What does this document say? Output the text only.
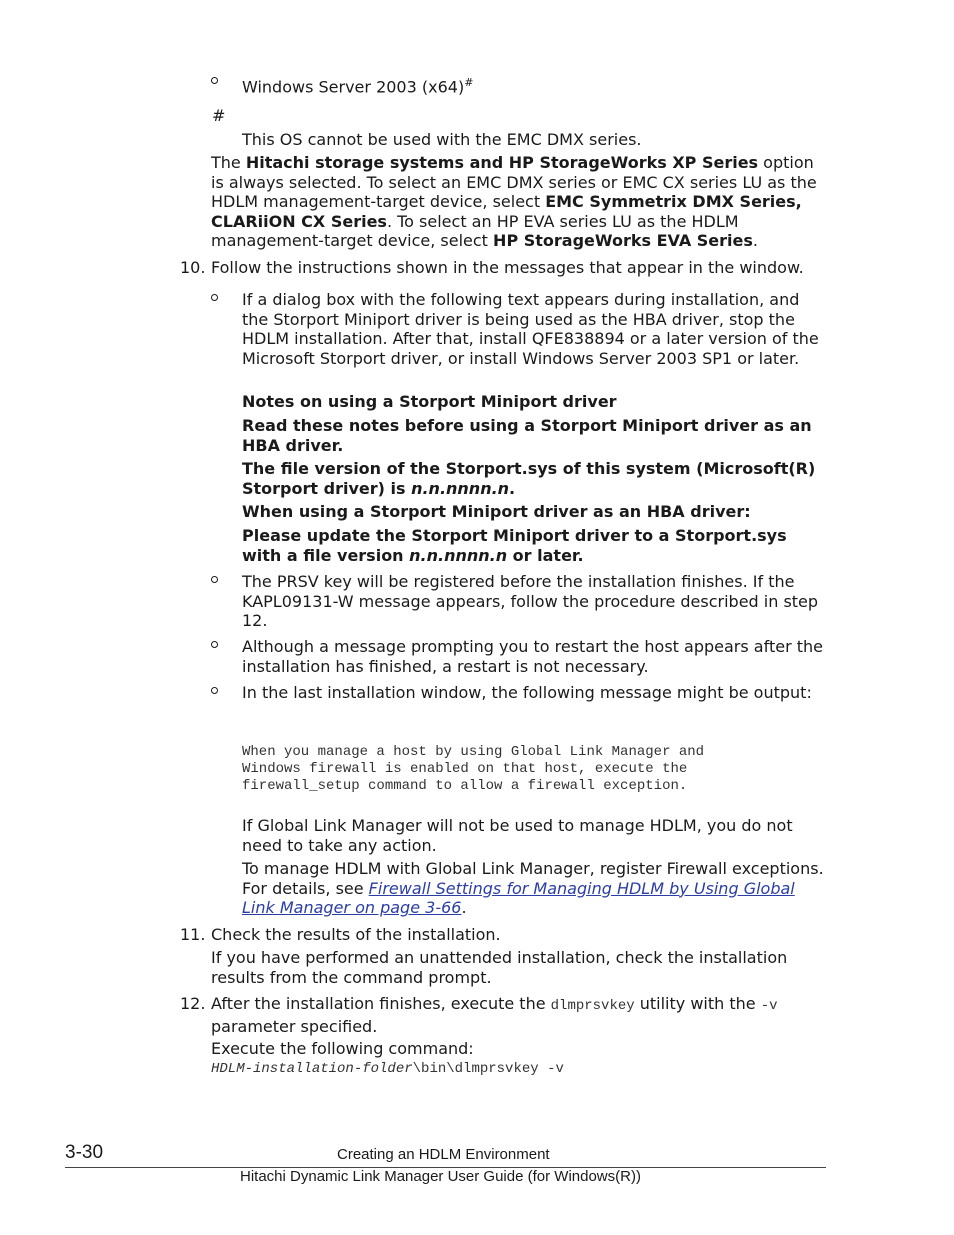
Windows Server 2003 (x64)#
#
This OS cannot be used with the EMC DMX series.
The Hitachi storage systems and HP StorageWorks XP Series option is always selected. To select an EMC DMX series or EMC CX series LU as the HDLM management-target device, select EMC Symmetrix DMX Series, CLARiiON CX Series. To select an HP EVA series LU as the HDLM management-target device, select HP StorageWorks EVA Series.
10. Follow the instructions shown in the messages that appear in the window.
If a dialog box with the following text appears during installation, and the Storport Miniport driver is being used as the HBA driver, stop the HDLM installation. After that, install QFE838894 or a later version of the Microsoft Storport driver, or install Windows Server 2003 SP1 or later.
Notes on using a Storport Miniport driver
Read these notes before using a Storport Miniport driver as an HBA driver.
The file version of the Storport.sys of this system (Microsoft(R) Storport driver) is n.n.nnnn.n.
When using a Storport Miniport driver as an HBA driver:
Please update the Storport Miniport driver to a Storport.sys with a file version n.n.nnnn.n or later.
The PRSV key will be registered before the installation finishes. If the KAPL09131-W message appears, follow the procedure described in step 12.
Although a message prompting you to restart the host appears after the installation has finished, a restart is not necessary.
In the last installation window, the following message might be output:
When you manage a host by using Global Link Manager and
Windows firewall is enabled on that host, execute the
firewall_setup command to allow a firewall exception.
If Global Link Manager will not be used to manage HDLM, you do not need to take any action.
To manage HDLM with Global Link Manager, register Firewall exceptions. For details, see Firewall Settings for Managing HDLM by Using Global Link Manager on page 3-66.
11. Check the results of the installation.
If you have performed an unattended installation, check the installation results from the command prompt.
12. After the installation finishes, execute the dlmprsvkey utility with the -v parameter specified.
Execute the following command:
HDLM-installation-folder\bin\dlmprsvkey -v
3-30	Creating an HDLM Environment
Hitachi Dynamic Link Manager User Guide (for Windows(R))
